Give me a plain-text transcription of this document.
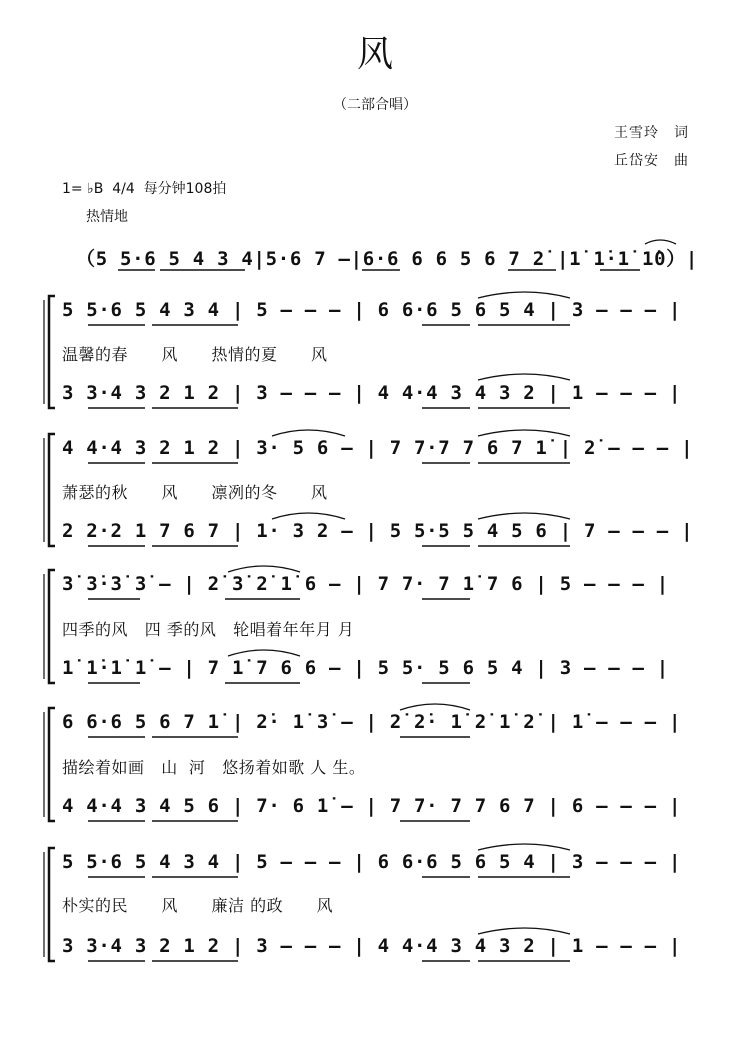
风
（二部合唱）
王雪玲　词
丘岱安　曲
1= ♭B  4/4  每分钟108拍
热情地
（5 5·6 5 4 3 4|5·6 7 –|6·6 6 6 5 6 7 2̇ |1̇ 1̇·1̇ 1̇0）|
5 5·6 5 4 3 4 | 5 – – – | 6 6·6 5 6 5 4 | 3 – – – |
温馨的春      风      热情的夏      风
3 3·4 3 2 1 2 | 3 – – – | 4 4·4 3 4 3 2 | 1 – – – |
4 4·4 3 2 1 2 | 3· 5 6 – | 7 7·7 7 6 7 1̇ | 2̇ – – – |
萧瑟的秋      风      凛冽的冬      风
2 2·2 1 7 6 7 | 1· 3 2 – | 5 5·5 5 4 5 6 | 7 – – – |
3̇ 3̇·3̇ 3̇ – | 2̇ 3̇ 2̇ 1̇ 6 – | 7 7· 7 1̇ 7 6 | 5 – – – |
四季的风   四 季的风   轮唱着年年月 月
1̇ 1̇·1̇ 1̇ – | 7 1̇ 7 6 6 – | 5 5· 5 6 5 4 | 3 – – – |
6 6·6 5 6 7 1̇ | 2̇· 1̇ 3̇ – | 2̇ 2̇· 1̇ 2̇ 1̇ 2̇ | 1̇ – – – |
描绘着如画   山  河   悠扬着如歌 人 生。
4 4·4 3 4 5 6 | 7· 6 1̇ – | 7 7· 7 7 6 7 | 6 – – – |
5 5·6 5 4 3 4 | 5 – – – | 6 6·6 5 6 5 4 | 3 – – – |
朴实的民      风      廉洁 的政      风
3 3·4 3 2 1 2 | 3 – – – | 4 4·4 3 4 3 2 | 1 – – – |
